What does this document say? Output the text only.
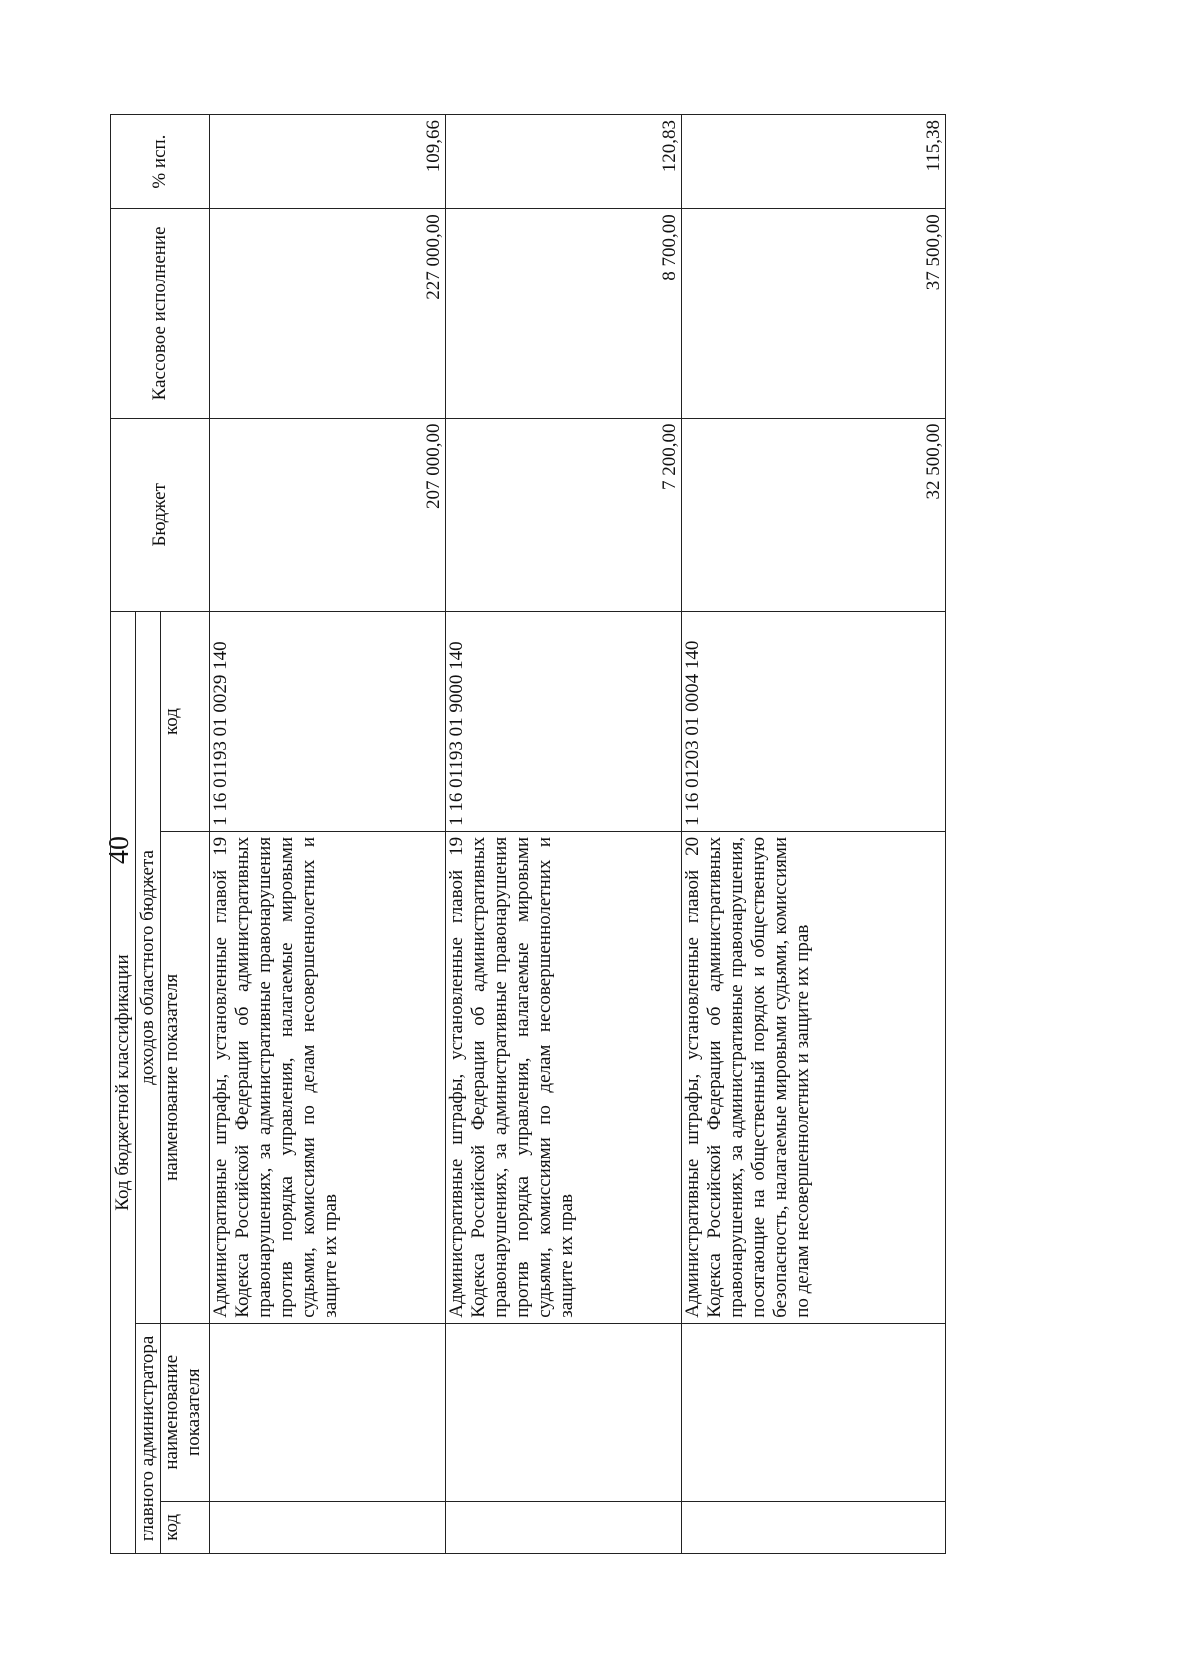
40
Код бюджетной классификации				Бюджет	Кассовое исполнение	% исп.
главного администратора		доходов областного бюджета				
код	наименование показателя	наименование показателя	код			
		Административные штрафы, установленные главой 19 Кодекса Российской Федерации об административных правонарушениях, за административные правонарушения против порядка управления, налагаемые мировыми судьями, комиссиями по делам несовершеннолетних и защите их прав	1 16 01193 01 0029 140	207 000,00	227 000,00	109,66
		Административные штрафы, установленные главой 19 Кодекса Российской Федерации об административных правонарушениях, за административные правонарушения против порядка управления, налагаемые мировыми судьями, комиссиями по делам несовершеннолетних и защите их прав	1 16 01193 01 9000 140	7 200,00	8 700,00	120,83
		Административные штрафы, установленные главой 20 Кодекса Российской Федерации об административных правонарушениях, за административные правонарушения, посягающие на общественный порядок и общественную безопасность, налагаемые мировыми судьями, комиссиями по делам несовершеннолетних и защите их прав	1 16 01203 01 0004 140	32 500,00	37 500,00	115,38
